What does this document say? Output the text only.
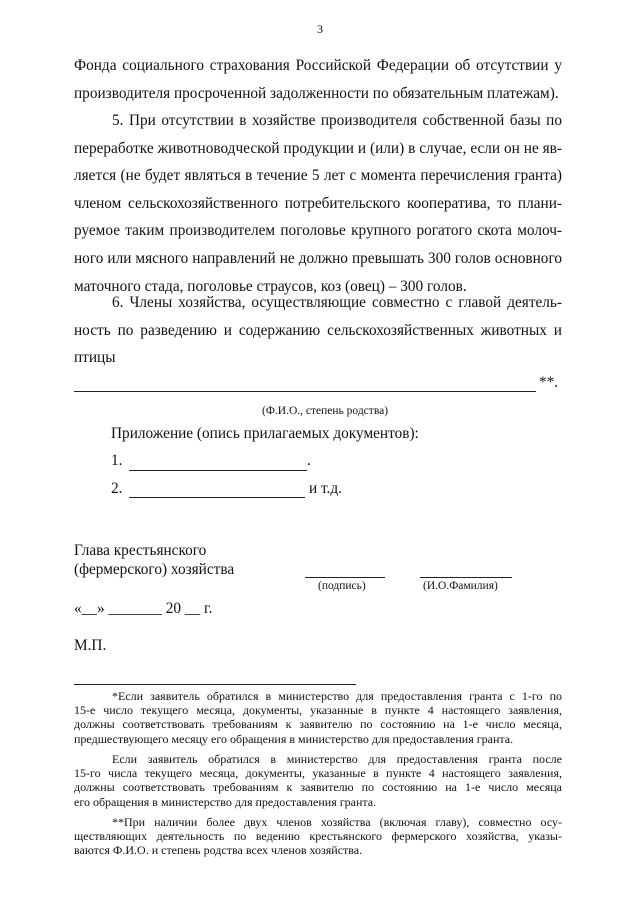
3
Фонда социального страхования Российской Федерации об отсутствии у
производителя просроченной задолженности по обязательным платежам).
5. При отсутствии в хозяйстве производителя собственной базы по
переработке животноводческой продукции и (или) в случае, если он не яв-
ляется (не будет являться в течение 5 лет с момента перечисления гранта)
членом сельскохозяйственного потребительского кооператива, то плани-
руемое таким производителем поголовье крупного рогатого скота молоч-
ного или мясного направлений не должно превышать 300 голов основного
маточного стада, поголовье страусов, коз (овец) – 300 голов.
6. Члены хозяйства, осуществляющие совместно с главой деятель-
ность по разведению и содержанию сельскохозяйственных животных и
птицы
**.
(Ф.И.О., степень родства)
Приложение (опись прилагаемых документов):
1.	.
2.	и т.д.
Глава крестьянского
(фермерского) хозяйства
(подпись)	(И.О.Фамилия)
«__» _______ 20 __ г.
М.П.
*Если заявитель обратился в министерство для предоставления гранта с 1-го по
15-е число текущего месяца, документы, указанные в пункте 4 настоящего заявления,
должны соответствовать требованиям к заявителю по состоянию на 1-е число месяца,
предшествующего месяцу его обращения в министерство для предоставления гранта.
Если заявитель обратился в министерство для предоставления гранта после
15-го числа текущего месяца, документы, указанные в пункте 4 настоящего заявления,
должны соответствовать требованиям к заявителю по состоянию на 1-е число месяца
его обращения в министерство для предоставления гранта.
**При наличии более двух членов хозяйства (включая главу), совместно осу-
ществляющих деятельность по ведению крестьянского фермерского хозяйства, указы-
ваются Ф.И.О. и степень родства всех членов хозяйства.
